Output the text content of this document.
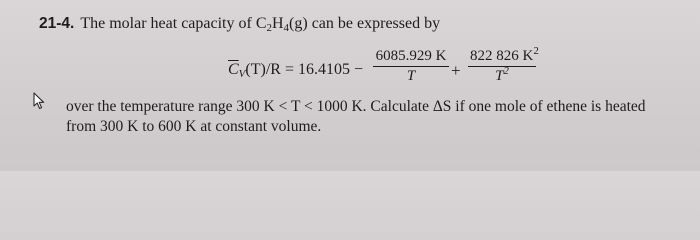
21-4. The molar heat capacity of $C_2H_4(g)$ can be expressed by
$\overline{C}_V(T)/R = 16.4105 - \frac{6085.929 K}{T} + \frac{822 826 K^2}{T^2}$
over the temperature range 300 K < T < 1000 K. Calculate ΔS if one mole of ethene is heated
from 300 K to 600 K at constant volume.
